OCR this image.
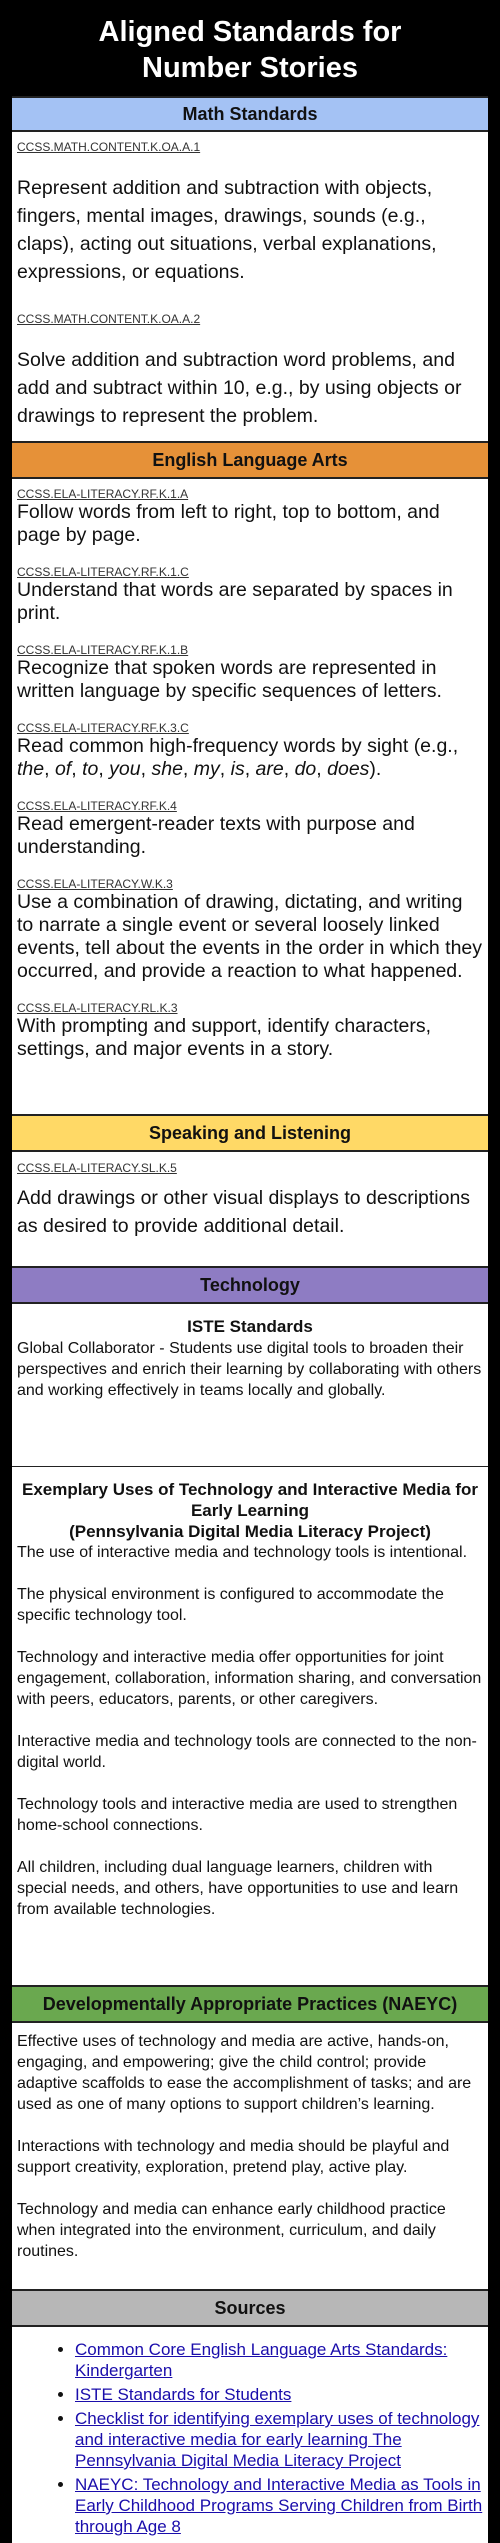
Aligned Standards for
Number Stories
Math Standards
CCSS.MATH.CONTENT.K.OA.A.1

Represent addition and subtraction with objects, fingers, mental images, drawings, sounds (e.g., claps), acting out situations, verbal explanations, expressions, or equations.

CCSS.MATH.CONTENT.K.OA.A.2

Solve addition and subtraction word problems, and add and subtract within 10, e.g., by using objects or drawings to represent the problem.

English Language Arts
CCSS.ELA-LITERACY.RF.K.1.A
Follow words from left to right, top to bottom, and page by page.
CCSS.ELA-LITERACY.RF.K.1.C
Understand that words are separated by spaces in print.
CCSS.ELA-LITERACY.RF.K.1.B
Recognize that spoken words are represented in written language by specific sequences of letters.
CCSS.ELA-LITERACY.RF.K.3.C
Read common high-frequency words by sight (e.g., the, of, to, you, she, my, is, are, do, does).
CCSS.ELA-LITERACY.RF.K.4
Read emergent-reader texts with purpose and understanding.
CCSS.ELA-LITERACY.W.K.3
Use a combination of drawing, dictating, and writing to narrate a single event or several loosely linked events, tell about the events in the order in which they occurred, and provide a reaction to what happened.
CCSS.ELA-LITERACY.RL.K.3
With prompting and support, identify characters, settings, and major events in a story.
Speaking and Listening
CCSS.ELA-LITERACY.SL.K.5
Add drawings or other visual displays to descriptions as desired to provide additional detail.
Technology
ISTE Standards
Global Collaborator - Students use digital tools to broaden their perspectives and enrich their learning by collaborating with others and working effectively in teams locally and globally.
Exemplary Uses of Technology and Interactive Media for Early Learning
(Pennsylvania Digital Media Literacy Project)

The use of interactive media and technology tools is intentional.

The physical environment is configured to accommodate the specific technology tool.

Technology and interactive media offer opportunities for joint engagement, collaboration, information sharing, and conversation with peers, educators, parents, or other caregivers.

Interactive media and technology tools are connected to the non-digital world.

Technology tools and interactive media are used to strengthen home-school connections.

All children, including dual language learners, children with special needs, and others, have opportunities to use and learn from available technologies.

Developmentally Appropriate Practices (NAEYC)

Effective uses of technology and media are active, hands-on, engaging, and empowering; give the child control; provide adaptive scaffolds to ease the accomplishment of tasks; and are used as one of many options to support children’s learning.

Interactions with technology and media should be playful and support creativity, exploration, pretend play, active play.

Technology and media can enhance early childhood practice when integrated into the environment, curriculum, and daily routines.

Sources
• Common Core English Language Arts Standards: Kindergarten
• ISTE Standards for Students
• Checklist for identifying exemplary uses of technology and interactive media for early learning The Pennsylvania Digital Media Literacy Project
• NAEYC: Technology and Interactive Media as Tools in Early Childhood Programs Serving Children from Birth through Age 8
